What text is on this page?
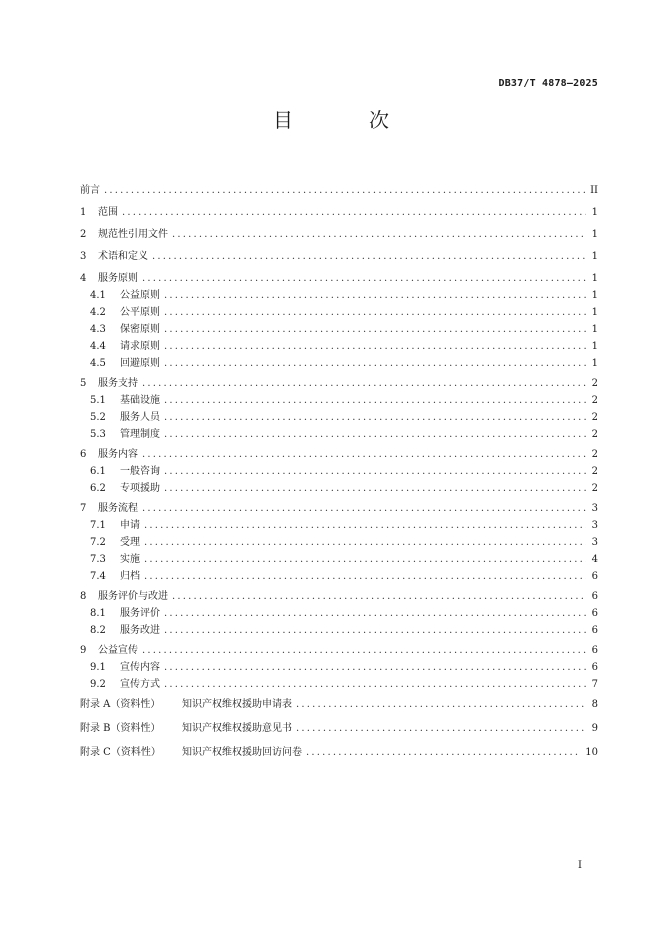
DB37/T 4878—2025
目　次
前言 .....	II
1	范围 .....	1
2	规范性引用文件 .....	1
3	术语和定义 .....	1
4	服务原则 .....	1
4.1	公益原则 .....	1
4.2	公平原则 .....	1
4.3	保密原则 .....	1
4.4	请求原则 .....	1
4.5	回避原则 .....	1
5	服务支持 .....	2
5.1	基础设施 .....	2
5.2	服务人员 .....	2
5.3	管理制度 .....	2
6	服务内容 .....	2
6.1	一般咨询 .....	2
6.2	专项援助 .....	2
7	服务流程 .....	3
7.1	申请 .....	3
7.2	受理 .....	3
7.3	实施 .....	4
7.4	归档 .....	6
8	服务评价与改进 .....	6
8.1	服务评价 .....	6
8.2	服务改进 .....	6
9	公益宣传 .....	6
9.1	宣传内容 .....	6
9.2	宣传方式 .....	7
附录 A（资料性）	知识产权维权援助申请表 .....	8
附录 B（资料性）	知识产权维权援助意见书 .....	9
附录 C（资料性）	知识产权维权援助回访问卷 .....	10
I
